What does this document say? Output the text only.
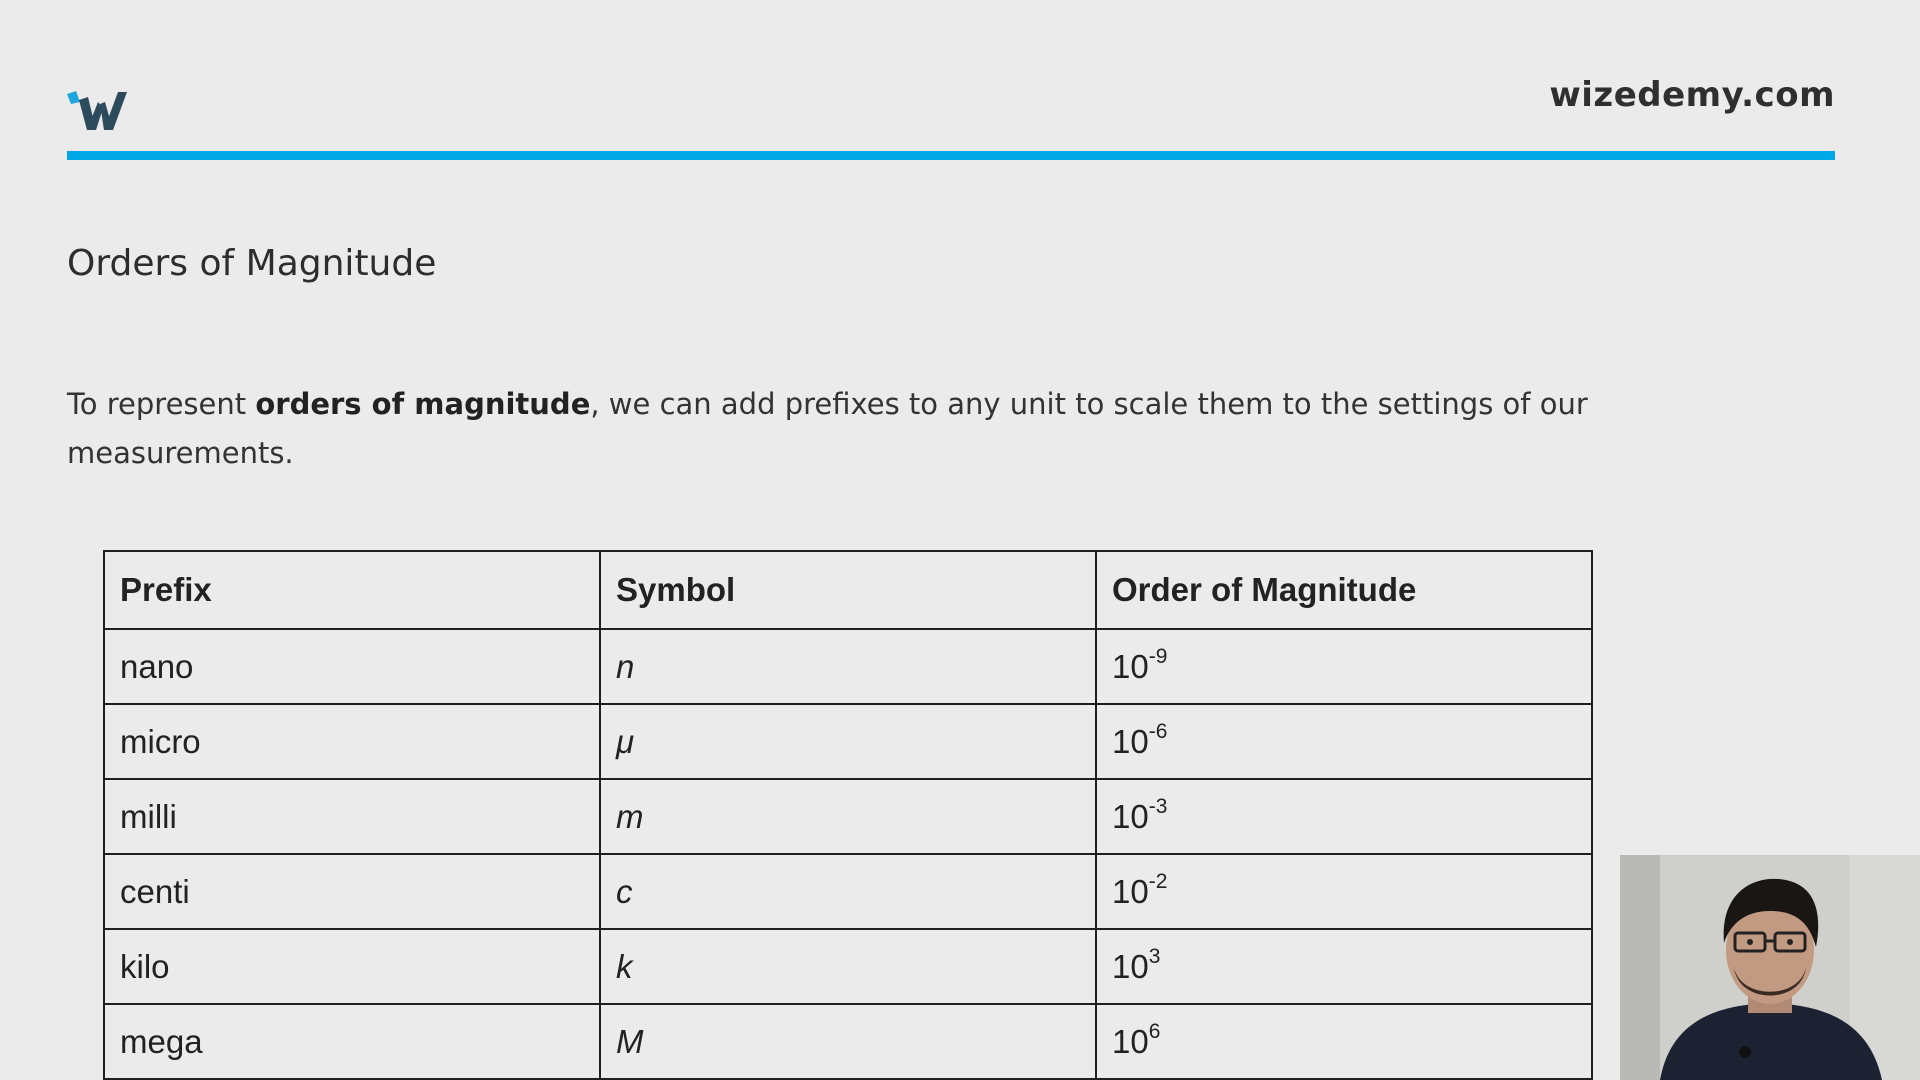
wizedemy.com
Orders of Magnitude

To represent orders of magnitude, we can add prefixes to any unit to scale them to the settings of our measurements.

Prefix	Symbol	Order of Magnitude
nano	n	$10^{-9}$
micro	μ	$10^{-6}$
milli	m	$10^{-3}$
centi	c	$10^{-2}$
kilo	k	$10^3$
mega	M	$10^6$
